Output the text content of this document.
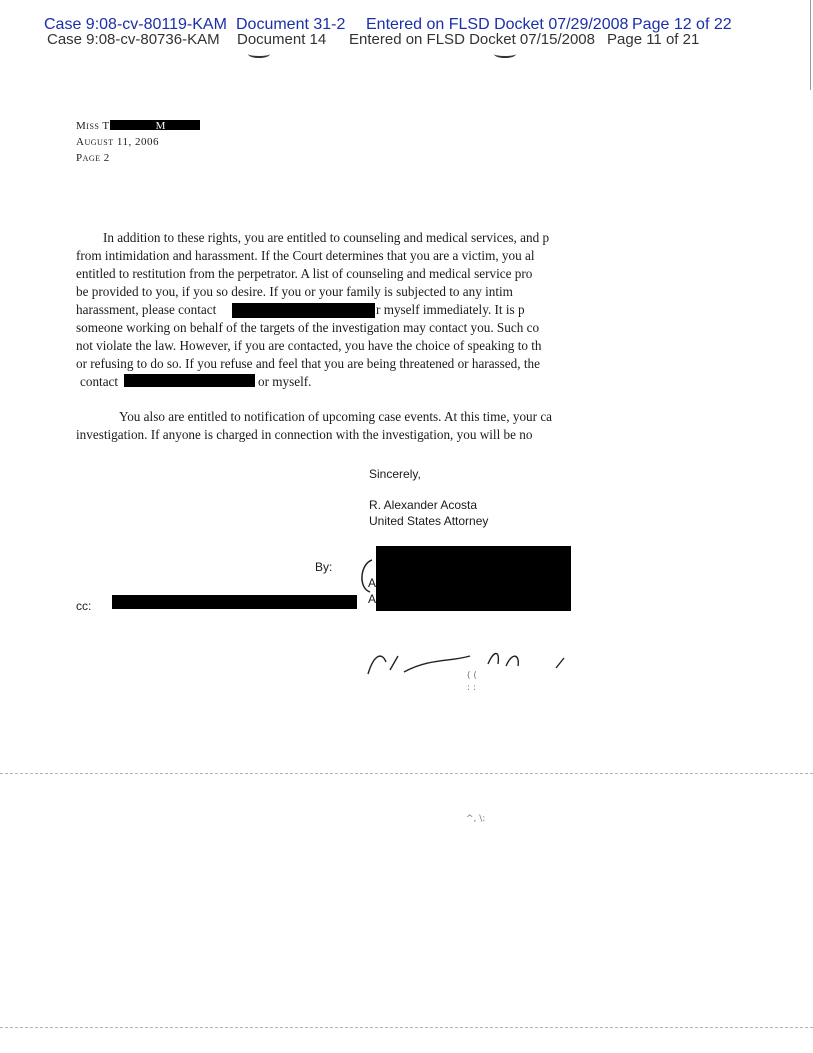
Case 9:08-cv-80119-KAM Document 31-2 Entered on FLSD Docket 07/29/2008 Page 12 of 22
Case 9:08-cv-80736-KAM Document 14 Entered on FLSD Docket 07/15/2008 Page 11 of 21
Miss T	M
August 11, 2006
Page 2
In addition to these rights, you are entitled to counseling and medical services, and p
from intimidation and harassment. If the Court determines that you are a victim, you al
entitled to restitution from the perpetrator. A list of counseling and medical service pro
be provided to you, if you so desire. If you or your family is subjected to any intim
harassment, please contact	r myself immediately. It is p
someone working on behalf of the targets of the investigation may contact you. Such co
not violate the law. However, if you are contacted, you have the choice of speaking to th
or refusing to do so. If you refuse and feel that you are being threatened or harassed, the
contact	or myself.
You also are entitled to notification of upcoming case events. At this time, your ca
investigation. If anyone is charged in connection with the investigation, you will be no
Sincerely,
R. Alexander Acosta
United States Attorney
By:
A
A
cc:
( (
: :
^, \:
